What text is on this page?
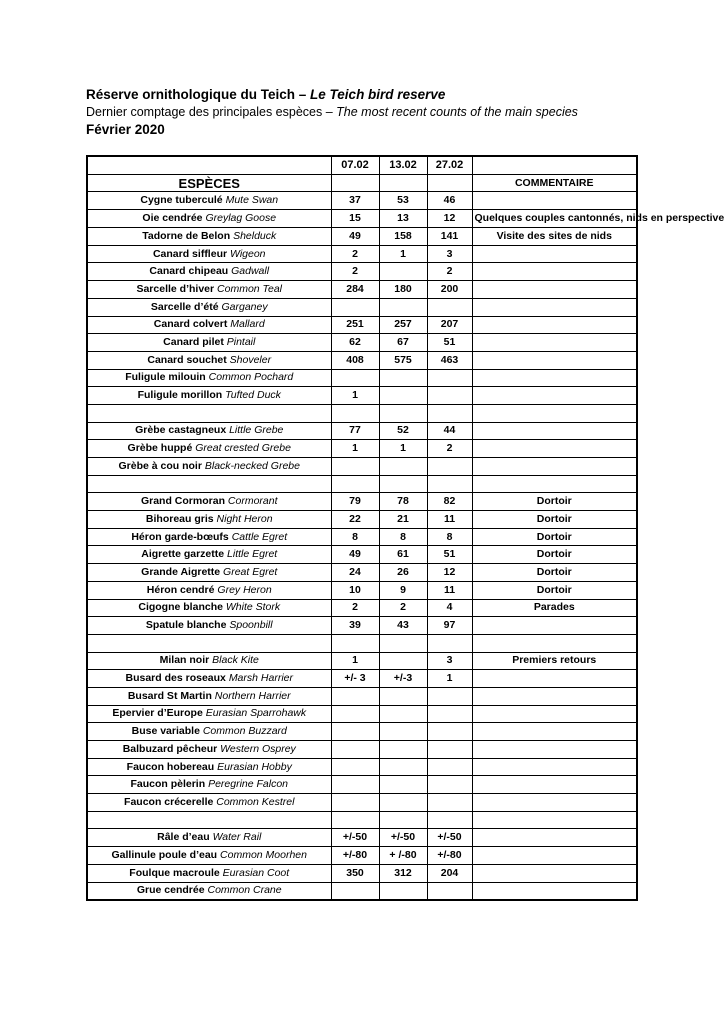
Réserve ornithologique du Teich – Le Teich bird reserve
Dernier comptage des principales espèces – The most recent counts of the main species
Février 2020
	07.02	13.02	27.02	
ESPÈCES				COMMENTAIRE
Cygne tuberculé Mute Swan	37	53	46	
Oie cendrée Greylag Goose	15	13	12	Quelques couples cantonnés, nids en perspective
Tadorne de Belon Shelduck	49	158	141	Visite des sites de nids
Canard siffleur Wigeon	2	1	3	
Canard chipeau Gadwall	2		2	
Sarcelle d’hiver Common Teal	284	180	200	
Sarcelle d’été Garganey				
Canard colvert Mallard	251	257	207	
Canard pilet Pintail	62	67	51	
Canard souchet Shoveler	408	575	463	
Fuligule milouin Common Pochard				
Fuligule morillon Tufted Duck	1			

Grèbe castagneux Little Grebe	77	52	44	
Grèbe huppé Great crested Grebe	1	1	2	
Grèbe à cou noir Black-necked Grebe				

Grand Cormoran Cormorant	79	78	82	Dortoir
Bihoreau gris Night Heron	22	21	11	Dortoir
Héron garde-bœufs Cattle Egret	8	8	8	Dortoir
Aigrette garzette Little Egret	49	61	51	Dortoir
Grande Aigrette Great Egret	24	26	12	Dortoir
Héron cendré Grey Heron	10	9	11	Dortoir
Cigogne blanche White Stork	2	2	4	Parades
Spatule blanche Spoonbill	39	43	97	

Milan noir Black Kite	1		3	Premiers retours
Busard des roseaux Marsh Harrier	+/- 3	+/-3	1	
Busard St Martin Northern Harrier				
Epervier d’Europe Eurasian Sparrohawk				
Buse variable Common Buzzard				
Balbuzard pêcheur Western Osprey				
Faucon hobereau Eurasian Hobby				
Faucon pèlerin Peregrine Falcon				
Faucon crécerelle Common Kestrel				

Râle d’eau Water Rail	+/-50	+/-50	+/-50	
Gallinule poule d’eau Common Moorhen	+/-80	+ /-80	+/-80	
Foulque macroule Eurasian Coot	350	312	204	
Grue cendrée Common Crane				
